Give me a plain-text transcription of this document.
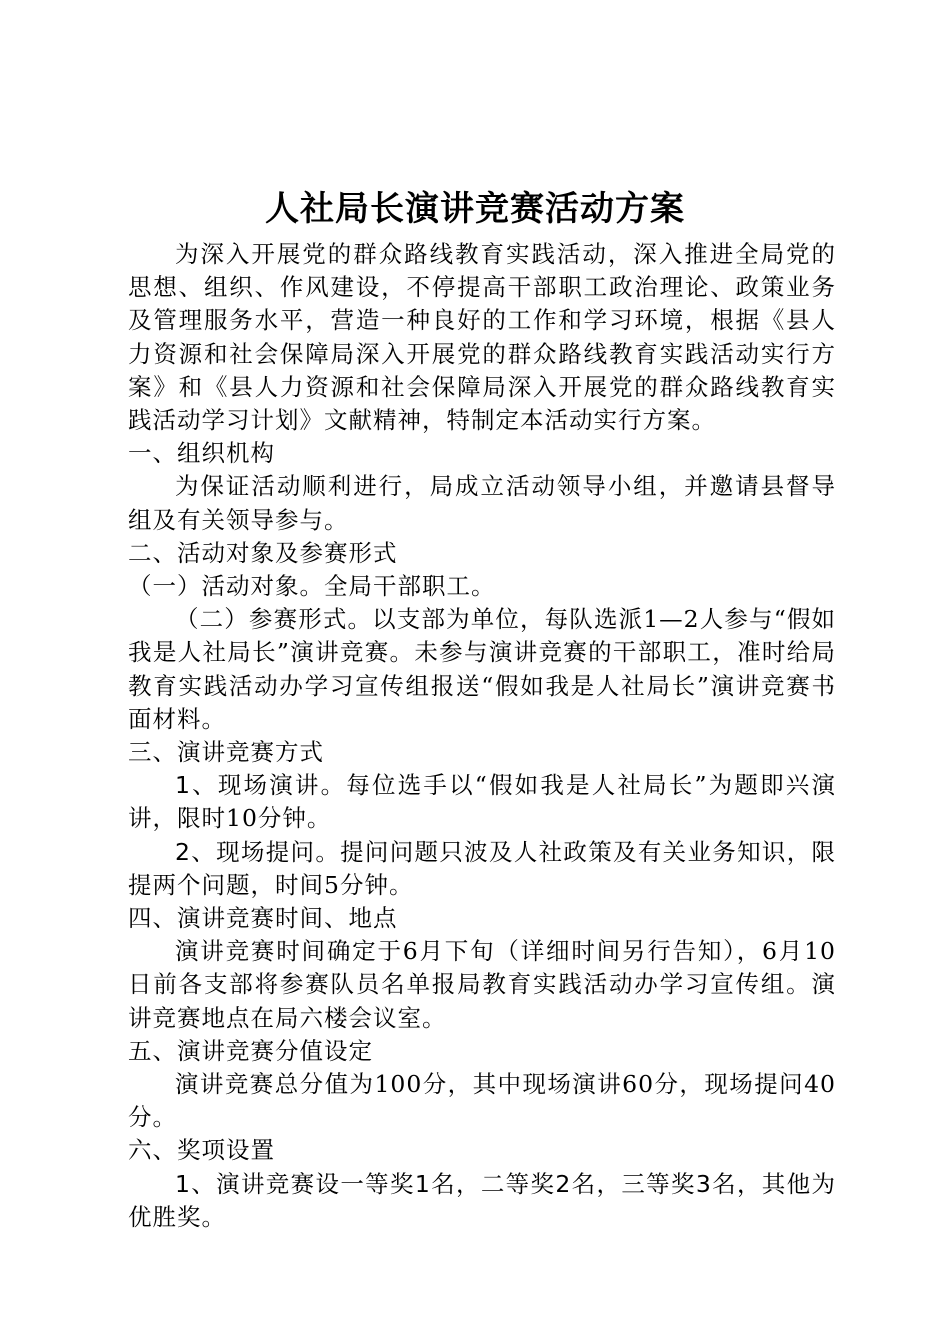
人社局长演讲竞赛活动方案

为深入开展党的群众路线教育实践活动，深入推进全局党的思想、组织、作风建设，不停提高干部职工政治理论、政策业务及管理服务水平，营造一种良好的工作和学习环境，根据《县人力资源和社会保障局深入开展党的群众路线教育实践活动实行方案》和《县人力资源和社会保障局深入开展党的群众路线教育实践活动学习计划》文献精神，特制定本活动实行方案。

一、组织机构

为保证活动顺利进行，局成立活动领导小组，并邀请县督导组及有关领导参与。

二、活动对象及参赛形式

（一）活动对象。全局干部职工。

（二）参赛形式。以支部为单位，每队选派1—2人参与“假如我是人社局长”演讲竞赛。未参与演讲竞赛的干部职工，准时给局教育实践活动办学习宣传组报送“假如我是人社局长”演讲竞赛书面材料。

三、演讲竞赛方式

1、现场演讲。每位选手以“假如我是人社局长”为题即兴演讲，限时10分钟。

2、现场提问。提问问题只波及人社政策及有关业务知识，限提两个问题，时间5分钟。

四、演讲竞赛时间、地点

演讲竞赛时间确定于6月下旬（详细时间另行告知），6月10日前各支部将参赛队员名单报局教育实践活动办学习宣传组。演讲竞赛地点在局六楼会议室。

五、演讲竞赛分值设定

演讲竞赛总分值为100分，其中现场演讲60分，现场提问40分。

六、奖项设置

1、演讲竞赛设一等奖1名，二等奖2名，三等奖3名，其他为优胜奖。
